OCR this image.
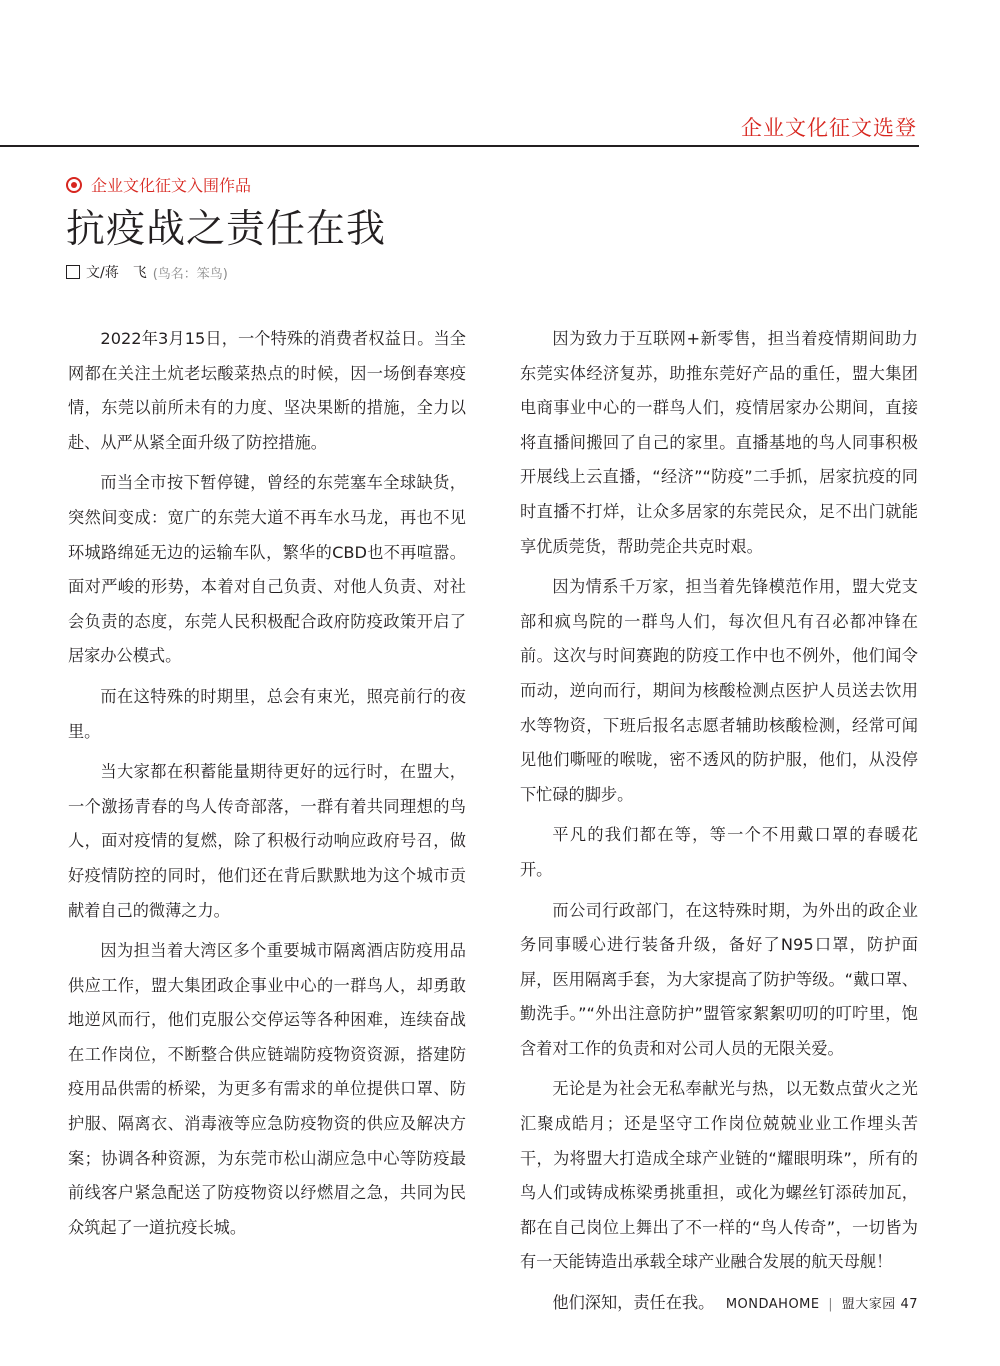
企业文化征文选登
企业文化征文入围作品
抗疫战之责任在我
文/蒋　飞 (鸟名：笨鸟)

2022年3月15日，一个特殊的消费者权益日。当全网都在关注土炕老坛酸菜热点的时候，因一场倒春寒疫情，东莞以前所未有的力度、坚决果断的措施，全力以赴、从严从紧全面升级了防控措施。

而当全市按下暂停键，曾经的东莞塞车全球缺货，突然间变成：宽广的东莞大道不再车水马龙，再也不见环城路绵延无边的运输车队，繁华的CBD也不再喧嚣。面对严峻的形势，本着对自己负责、对他人负责、对社会负责的态度，东莞人民积极配合政府防疫政策开启了居家办公模式。

而在这特殊的时期里，总会有束光，照亮前行的夜里。

当大家都在积蓄能量期待更好的远行时，在盟大，一个激扬青春的鸟人传奇部落，一群有着共同理想的鸟人，面对疫情的复燃，除了积极行动响应政府号召，做好疫情防控的同时，他们还在背后默默地为这个城市贡献着自己的微薄之力。

因为担当着大湾区多个重要城市隔离酒店防疫用品供应工作，盟大集团政企事业中心的一群鸟人，却勇敢地逆风而行，他们克服公交停运等各种困难，连续奋战在工作岗位，不断整合供应链端防疫物资资源，搭建防疫用品供需的桥梁，为更多有需求的单位提供口罩、防护服、隔离衣、消毒液等应急防疫物资的供应及解决方案；协调各种资源，为东莞市松山湖应急中心等防疫最前线客户紧急配送了防疫物资以纾燃眉之急，共同为民众筑起了一道抗疫长城。

因为致力于互联网+新零售，担当着疫情期间助力东莞实体经济复苏，助推东莞好产品的重任，盟大集团电商事业中心的一群鸟人们，疫情居家办公期间，直接将直播间搬回了自己的家里。直播基地的鸟人同事积极开展线上云直播，“经济”“防疫”二手抓，居家抗疫的同时直播不打烊，让众多居家的东莞民众，足不出门就能享优质莞货，帮助莞企共克时艰。

因为情系千万家，担当着先锋模范作用，盟大党支部和疯鸟院的一群鸟人们，每次但凡有召必都冲锋在前。这次与时间赛跑的防疫工作中也不例外，他们闻令而动，逆向而行，期间为核酸检测点医护人员送去饮用水等物资，下班后报名志愿者辅助核酸检测，经常可闻见他们嘶哑的喉咙，密不透风的防护服，他们，从没停下忙碌的脚步。

平凡的我们都在等，等一个不用戴口罩的春暖花开。

而公司行政部门，在这特殊时期，为外出的政企业务同事暖心进行装备升级，备好了N95口罩，防护面屏，医用隔离手套，为大家提高了防护等级。“戴口罩、勤洗手。”“外出注意防护”盟管家絮絮叨叨的叮咛里，饱含着对工作的负责和对公司人员的无限关爱。

无论是为社会无私奉献光与热，以无数点萤火之光汇聚成皓月；还是坚守工作岗位兢兢业业工作埋头苦干，为将盟大打造成全球产业链的“耀眼明珠”，所有的鸟人们或铸成栋梁勇挑重担，或化为螺丝钉添砖加瓦，都在自己岗位上舞出了不一样的“鸟人传奇”，一切皆为有一天能铸造出承载全球产业融合发展的航天母舰！

他们深知，责任在我。 MONDAHOME | 盟大家园 47
